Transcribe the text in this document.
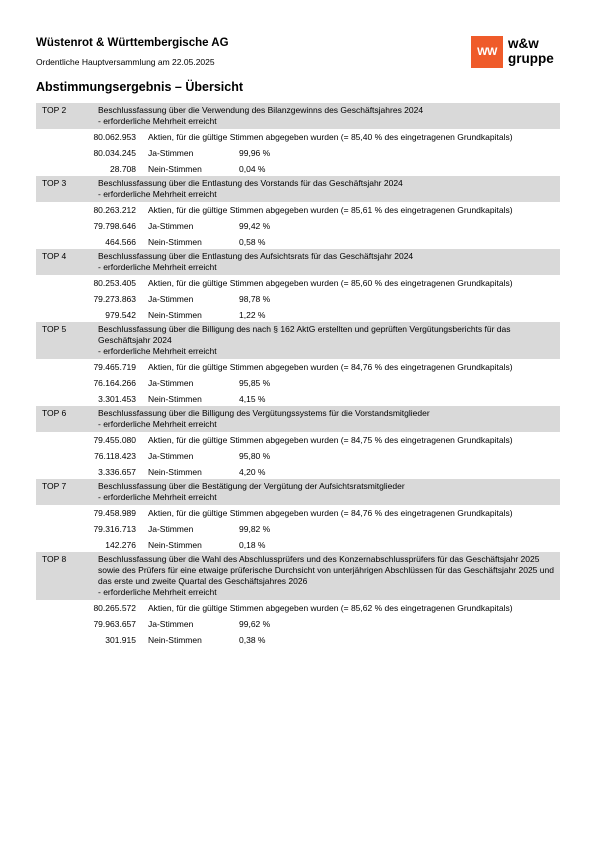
Wüstenrot & Württembergische AG
Ordentliche Hauptversammlung am 22.05.2025
Abstimmungsergebnis – Übersicht
WW
w&w
gruppe
TOP 2	Beschlussfassung über die Verwendung des Bilanzgewinns des Geschäftsjahres 2024
- erforderliche Mehrheit erreicht
80.062.953 Aktien, für die gültige Stimmen abgegeben wurden (= 85,40 % des eingetragenen Grundkapitals)
80.034.245 Ja-Stimmen	99,96 %
28.708 Nein-Stimmen	0,04 %
TOP 3	Beschlussfassung über die Entlastung des Vorstands für das Geschäftsjahr 2024
- erforderliche Mehrheit erreicht
80.263.212 Aktien, für die gültige Stimmen abgegeben wurden (= 85,61 % des eingetragenen Grundkapitals)
79.798.646 Ja-Stimmen	99,42 %
464.566 Nein-Stimmen	0,58 %
TOP 4	Beschlussfassung über die Entlastung des Aufsichtsrats für das Geschäftsjahr 2024
- erforderliche Mehrheit erreicht
80.253.405 Aktien, für die gültige Stimmen abgegeben wurden (= 85,60 % des eingetragenen Grundkapitals)
79.273.863 Ja-Stimmen	98,78 %
979.542 Nein-Stimmen	1,22 %
TOP 5	Beschlussfassung über die Billigung des nach § 162 AktG erstellten und geprüften Vergütungsberichts für das Geschäftsjahr 2024
- erforderliche Mehrheit erreicht
79.465.719 Aktien, für die gültige Stimmen abgegeben wurden (= 84,76 % des eingetragenen Grundkapitals)
76.164.266 Ja-Stimmen	95,85 %
3.301.453 Nein-Stimmen	4,15 %
TOP 6	Beschlussfassung über die Billigung des Vergütungssystems für die Vorstandsmitglieder
- erforderliche Mehrheit erreicht
79.455.080 Aktien, für die gültige Stimmen abgegeben wurden (= 84,75 % des eingetragenen Grundkapitals)
76.118.423 Ja-Stimmen	95,80 %
3.336.657 Nein-Stimmen	4,20 %
TOP 7	Beschlussfassung über die Bestätigung der Vergütung der Aufsichtsratsmitglieder
- erforderliche Mehrheit erreicht
79.458.989 Aktien, für die gültige Stimmen abgegeben wurden (= 84,76 % des eingetragenen Grundkapitals)
79.316.713 Ja-Stimmen	99,82 %
142.276 Nein-Stimmen	0,18 %
TOP 8	Beschlussfassung über die Wahl des Abschlussprüfers und des Konzernabschlussprüfers für das Geschäftsjahr 2025 sowie des Prüfers für eine etwaige prüferische Durchsicht von unterjährigen Abschlüssen für das Geschäftsjahr 2025 und das erste und zweite Quartal des Geschäftsjahres 2026
- erforderliche Mehrheit erreicht
80.265.572 Aktien, für die gültige Stimmen abgegeben wurden (= 85,62 % des eingetragenen Grundkapitals)
79.963.657 Ja-Stimmen	99,62 %
301.915 Nein-Stimmen	0,38 %
